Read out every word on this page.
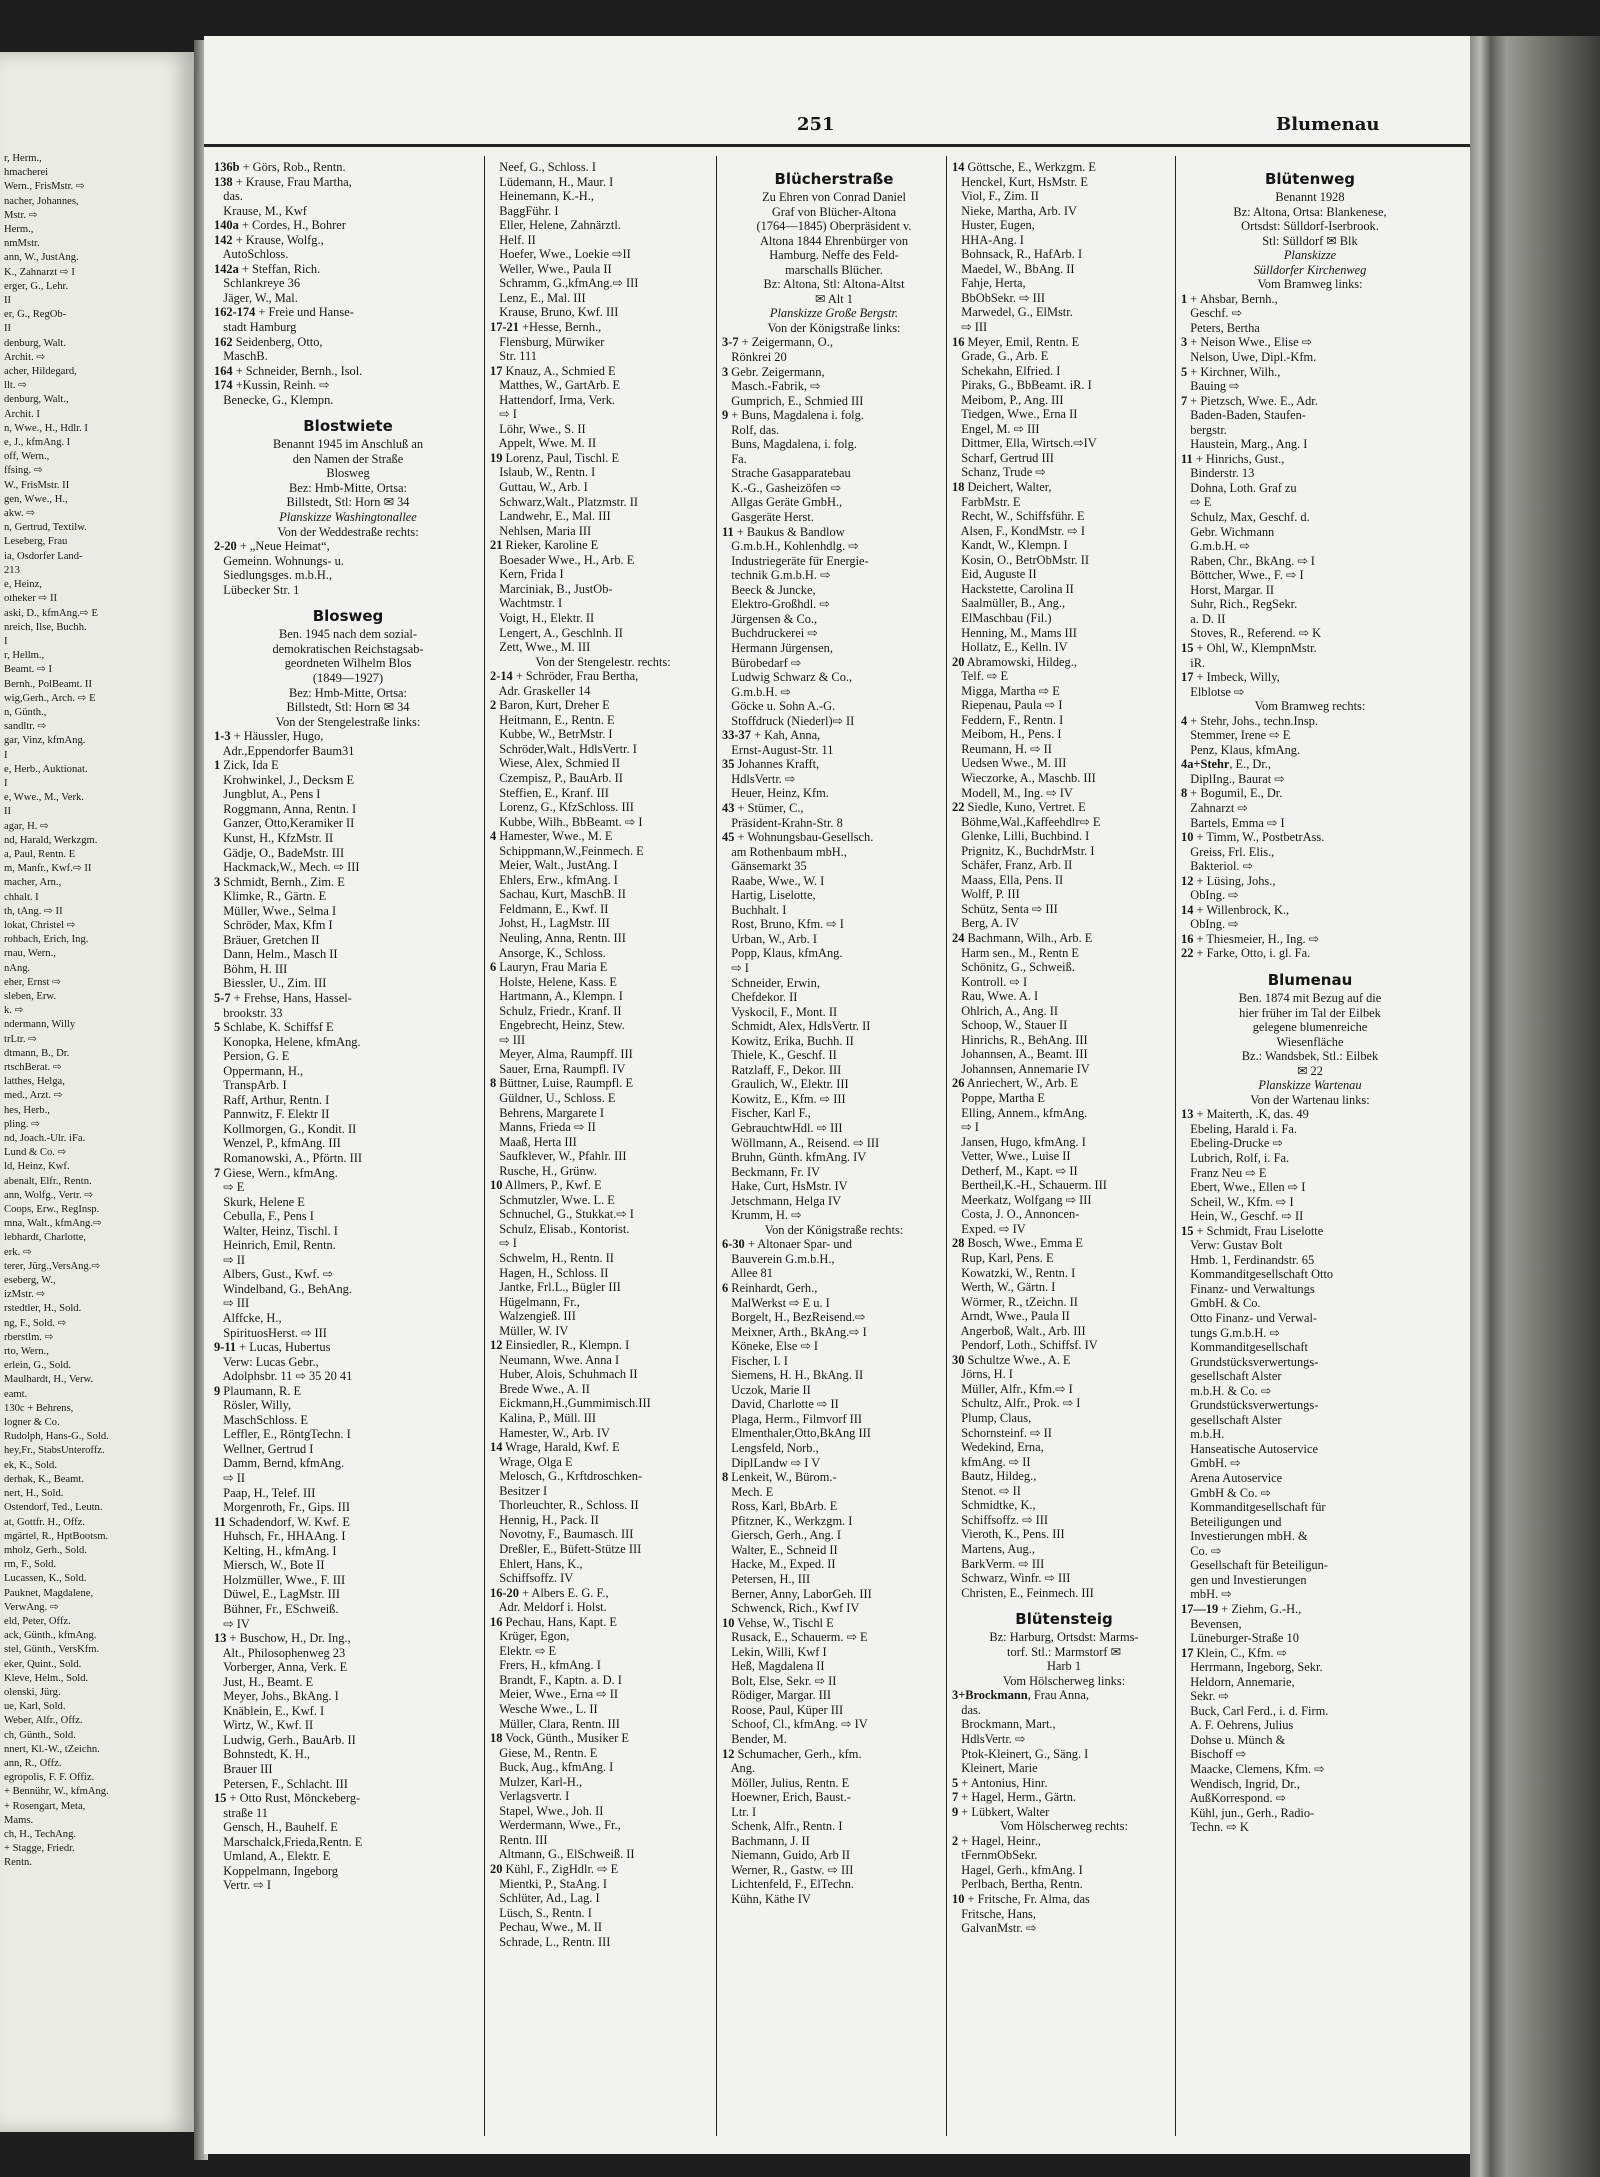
r, Herm.,
hmacherei
Wern., FrisMstr. ⇨
nacher, Johannes,
Mstr. ⇨
Herm.,
nmMstr.
ann, W., JustAng.
K., Zahnarzt ⇨ I
erger, G., Lehr.
II
er, G., RegOb-
II
denburg, Walt.
Archit. ⇨
acher, Hildegard,
llt. ⇨
denburg, Walt.,
Archit. I
n, Wwe., H., Hdlr. I
e, J., kfmAng. I
off, Wern.,
ffsing. ⇨
W., FrisMstr. II
gen, Wwe., H.,
akw. ⇨
n, Gertrud, Textilw.
Leseberg, Frau
ia, Osdorfer Land-
213
e, Heinz,
otheker ⇨ II
aski, D., kfmAng.⇨ E
nreich, Ilse, Buchh.
I
r, Hellm.,
Beamt. ⇨ I
Bernh., PolBeamt. II
wig,Gerh., Arch. ⇨ E
n, Günth.,
sandltr. ⇨
gar, Vinz, kfmAng.
I
e, Herb., Auktionat.
I
e, Wwe., M., Verk.
II
agar, H. ⇨
nd, Harald, Werkzgm.
a, Paul, Rentn. E
m, Manfr., Kwf.⇨ II
macher, Arn.,
chhalt. I
th, tAng. ⇨ II
lokat, Christel ⇨
rohbach, Erich, Ing.
rnau, Wern.,
nAng.
eher, Ernst ⇨
sleben, Erw.
k. ⇨
ndermann, Willy
trLtr. ⇨
dtmann, B., Dr.
rtschBerat. ⇨
latthes, Helga,
med., Arzt. ⇨
hes, Herb.,
pling. ⇨
nd, Joach.-Ulr. iFa.
Lund & Co. ⇨
ld, Heinz, Kwf.
abenalt, Elfr., Rentn.
ann, Wolfg., Vertr. ⇨
Coops, Erw., RegInsp.
mna, Walt., kfmAng.⇨
lebhardt, Charlotte,
erk. ⇨
terer, Jürg.,VersAng.⇨
eseberg, W.,
izMstr. ⇨
rstedtler, H., Sold.
ng, F., Sold. ⇨
rberstlm. ⇨
rto, Wern.,
erlein, G., Sold.
Maulhardt, H., Verw.
eamt.
130c + Behrens,
logner & Co.
Rudolph, Hans-G., Sold.
hey,Fr., StabsUnteroffz.
ek, K., Sold.
derhak, K., Beamt.
nert, H., Sold.
Ostendorf, Ted., Leutn.
at, Gottfr. H., Offz.
mgärtel, R., HptBootsm.
mholz, Gerh., Sold.
rm, F., Sold.
Lucassen, K., Sold.
Pauknet, Magdalene,
VerwAng. ⇨
eld, Peter, Offz.
ack, Günth., kfmAng.
stel, Günth., VersKfm.
eker, Quint., Sold.
Kleve, Helm., Sold.
olenski, Jürg.
ue, Karl, Sold.
Weber, Alfr., Offz.
ch, Günth., Sold.
nnert, Kl.-W., tZeichn.
ann, R., Offz.
egropolis, F. F. Offiz.
+ Bennühr, W., kfmAng.
+ Rosengart, Meta,
Mams.
ch, H., TechAng.
+ Stagge, Friedr.
Rentn.
251	Blumenau
136b + Görs, Rob., Rentn.
138 + Krause, Frau Martha,
das.
Krause, M., Kwf
140a + Cordes, H., Bohrer
142 + Krause, Wolfg.,
AutoSchloss.
142a + Steffan, Rich.
Schlankreye 36
Jäger, W., Mal.
162-174 + Freie und Hanse-
stadt Hamburg
162 Seidenberg, Otto,
MaschB.
164 + Schneider, Bernh., Isol.
174 +Kussin, Reinh. ⇨
Benecke, G., Klempn.
Blostwiete
Benannt 1945 im Anschluß an
den Namen der Straße
Blosweg
Bez: Hmb-Mitte, Ortsa:
Billstedt, Stl: Horn ✉ 34
Planskizze Washingtonallee
Von der Weddestraße rechts:
2-20 + „Neue Heimat“,
Gemeinn. Wohnungs- u.
Siedlungsges. m.b.H.,
Lübecker Str. 1
Blosweg
Ben. 1945 nach dem sozial-
demokratischen Reichstagsab-
geordneten Wilhelm Blos
(1849—1927)
Bez: Hmb-Mitte, Ortsa:
Billstedt, Stl: Horn ✉ 34
Von der Stengelestraße links:
1-3 + Häussler, Hugo,
Adr.,Eppendorfer Baum31
1 Zick, Ida E
Krohwinkel, J., Decksm E
Jungblut, A., Pens I
Roggmann, Anna, Rentn. I
Ganzer, Otto,Keramiker II
Kunst, H., KfzMstr. II
Gädje, O., BadeMstr. III
Hackmack,W., Mech. ⇨ III
3 Schmidt, Bernh., Zim. E
Klimke, R., Gärtn. E
Müller, Wwe., Selma I
Schröder, Max, Kfm I
Bräuer, Gretchen II
Dann, Helm., Masch II
Böhm, H. III
Biessler, U., Zim. III
5-7 + Frehse, Hans, Hassel-
brookstr. 33
5 Schlabe, K. Schiffsf E
Konopka, Helene, kfmAng.
Persion, G. E
Oppermann, H.,
TranspArb. I
Raff, Arthur, Rentn. I
Pannwitz, F. Elektr II
Kollmorgen, G., Kondit. II
Wenzel, P., kfmAng. III
Romanowski, A., Pförtn. III
7 Giese, Wern., kfmAng.
⇨ E
Skurk, Helene E
Cebulla, F., Pens I
Walter, Heinz, Tischl. I
Heinrich, Emil, Rentn.
⇨ II
Albers, Gust., Kwf. ⇨
Windelband, G., BehAng.
⇨ III
Alffcke, H.,
SpirituosHerst. ⇨ III
9-11 + Lucas, Hubertus
Verw: Lucas Gebr.,
Adolphsbr. 11 ⇨ 35 20 41
9 Plaumann, R. E
Rösler, Willy,
MaschSchloss. E
Leffler, E., RöntgTechn. I
Wellner, Gertrud I
Damm, Bernd, kfmAng.
⇨ II
Paap, H., Telef. III
Morgenroth, Fr., Gips. III
11 Schadendorf, W. Kwf. E
Huhsch, Fr., HHAAng. I
Kelting, H., kfmAng. I
Miersch, W., Bote II
Holzmüller, Wwe., F. III
Düwel, E., LagMstr. III
Bühner, Fr., ESchweiß.
⇨ IV
13 + Buschow, H., Dr. Ing.,
Alt., Philosophenweg 23
Vorberger, Anna, Verk. E
Just, H., Beamt. E
Meyer, Johs., BkAng. I
Knäblein, E., Kwf. I
Wirtz, W., Kwf. II
Ludwig, Gerh., BauArb. II
Bohnstedt, K. H.,
Brauer III
Petersen, F., Schlacht. III
15 + Otto Rust, Mönckeberg-
straße 11
Gensch, H., Bauhelf. E
Marschalck,Frieda,Rentn. E
Umland, A., Elektr. E
Koppelmann, Ingeborg
Vertr. ⇨ I
Neef, G., Schloss. I
Lüdemann, H., Maur. I
Heinemann, K.-H.,
BaggFühr. I
Eller, Helene, Zahnärztl.
Helf. II
Hoefer, Wwe., Loekie ⇨II
Weller, Wwe., Paula II
Schramm, G.,kfmAng.⇨ III
Lenz, E., Mal. III
Krause, Bruno, Kwf. III
17-21 +Hesse, Bernh.,
Flensburg, Mürwiker
Str. 111
17 Knauz, A., Schmied E
Matthes, W., GartArb. E
Hattendorf, Irma, Verk.
⇨ I
Löhr, Wwe., S. II
Appelt, Wwe. M. II
19 Lorenz, Paul, Tischl. E
Islaub, W., Rentn. I
Guttau, W., Arb. I
Schwarz,Walt., Platzmstr. II
Landwehr, E., Mal. III
Nehlsen, Maria III
21 Rieker, Karoline E
Boesader Wwe., H., Arb. E
Kern, Frida I
Marciniak, B., JustOb-
Wachtmstr. I
Voigt, H., Elektr. II
Lengert, A., Geschlnh. II
Zett, Wwe., M. III
Von der Stengelestr. rechts:
2-14 + Schröder, Frau Bertha,
Adr. Graskeller 14
2 Baron, Kurt, Dreher E
Heitmann, E., Rentn. E
Kubbe, W., BetrMstr. I
Schröder,Walt., HdlsVertr. I
Wiese, Alex, Schmied II
Czempisz, P., BauArb. II
Steffien, E., Kranf. III
Lorenz, G., KfzSchloss. III
Kubbe, Wilh., BbBeamt. ⇨ I
4 Hamester, Wwe., M. E
Schippmann,W.,Feinmech. E
Meier, Walt., JustAng. I
Ehlers, Erw., kfmAng. I
Sachau, Kurt, MaschB. II
Feldmann, E., Kwf. II
Johst, H., LagMstr. III
Neuling, Anna, Rentn. III
Ansorge, K., Schloss.
6 Lauryn, Frau Maria E
Holste, Helene, Kass. E
Hartmann, A., Klempn. I
Schulz, Friedr., Kranf. II
Engebrecht, Heinz, Stew.
⇨ III
Meyer, Alma, Raumpff. III
Sauer, Erna, Raumpfl. IV
8 Büttner, Luise, Raumpfl. E
Güldner, U., Schloss. E
Behrens, Margarete I
Manns, Frieda ⇨ II
Maaß, Herta III
Saufklever, W., Pfahlr. III
Rusche, H., Grünw.
10 Allmers, P., Kwf. E
Schmutzler, Wwe. L. E
Schnuchel, G., Stukkat.⇨ I
Schulz, Elisab., Kontorist.
⇨ I
Schwelm, H., Rentn. II
Hagen, H., Schloss. II
Jantke, Frl.L., Bügler III
Hügelmann, Fr.,
Walzengieß. III
Müller, W. IV
12 Einsiedler, R., Klempn. I
Neumann, Wwe. Anna I
Huber, Alois, Schuhmach II
Brede Wwe., A. II
Eickmann,H.,Gummimisch.III
Kalina, P., Müll. III
Hamester, W., Arb. IV
14 Wrage, Harald, Kwf. E
Wrage, Olga E
Melosch, G., Krftdroschken-
Besitzer I
Thorleuchter, R., Schloss. II
Hennig, H., Pack. II
Novotny, F., Baumasch. III
Dreßler, E., Büfett-Stütze III
Ehlert, Hans, K.,
Schiffsoffz. IV
16-20 + Albers E. G. F.,
Adr. Meldorf i. Holst.
16 Pechau, Hans, Kapt. E
Krüger, Egon,
Elektr. ⇨ E
Frers, H., kfmAng. I
Brandt, F., Kaptn. a. D. I
Meier, Wwe., Erna ⇨ II
Wesche Wwe., L. II
Müller, Clara, Rentn. III
18 Vock, Günth., Musiker E
Giese, M., Rentn. E
Buck, Aug., kfmAng. I
Mulzer, Karl-H.,
Verlagsvertr. I
Stapel, Wwe., Joh. II
Werdermann, Wwe., Fr.,
Rentn. III
Altmann, G., ElSchweiß. II
20 Kühl, F., ZigHdlr. ⇨ E
Mientki, P., StaAng. I
Schlüter, Ad., Lag. I
Lüsch, S., Rentn. I
Pechau, Wwe., M. II
Schrade, L., Rentn. III
Blücherstraße
Zu Ehren von Conrad Daniel
Graf von Blücher-Altona
(1764—1845) Oberpräsident v.
Altona 1844 Ehrenbürger von
Hamburg. Neffe des Feld-
marschalls Blücher.
Bz: Altona, Stl: Altona-Altst
✉ Alt 1
Planskizze Große Bergstr.
Von der Königstraße links:
3-7 + Zeigermann, O.,
Rönkrei 20
3 Gebr. Zeigermann,
Masch.-Fabrik, ⇨
Gumprich, E., Schmied III
9 + Buns, Magdalena i. folg.
Rolf, das.
Buns, Magdalena, i. folg.
Fa.
Strache Gasapparatebau
K.-G., Gasheizöfen ⇨
Allgas Geräte GmbH.,
Gasgeräte Herst.
11 + Baukus & Bandlow
G.m.b.H., Kohlenhdlg. ⇨
Industriegeräte für Energie-
technik G.m.b.H. ⇨
Beeck & Juncke,
Elektro-Großhdl. ⇨
Jürgensen & Co.,
Buchdruckerei ⇨
Hermann Jürgensen,
Bürobedarf ⇨
Ludwig Schwarz & Co.,
G.m.b.H. ⇨
Göcke u. Sohn A.-G.
Stoffdruck (Niederl)⇨ II
33-37 + Kah, Anna,
Ernst-August-Str. 11
35 Johannes Krafft,
HdlsVertr. ⇨
Heuer, Heinz, Kfm.
43 + Stümer, C.,
Präsident-Krahn-Str. 8
45 + Wohnungsbau-Gesellsch.
am Rothenbaum mbH.,
Gänsemarkt 35
Raabe, Wwe., W. I
Hartig, Liselotte,
Buchhalt. I
Rost, Bruno, Kfm. ⇨ I
Urban, W., Arb. I
Popp, Klaus, kfmAng.
⇨ I
Schneider, Erwin,
Chefdekor. II
Vyskocil, F., Mont. II
Schmidt, Alex, HdlsVertr. II
Kowitz, Erika, Buchh. II
Thiele, K., Geschf. II
Ratzlaff, F., Dekor. III
Graulich, W., Elektr. III
Kowitz, E., Kfm. ⇨ III
Fischer, Karl F.,
GebrauchtwHdl. ⇨ III
Wöllmann, A., Reisend. ⇨ III
Bruhn, Günth. kfmAng. IV
Beckmann, Fr. IV
Hake, Curt, HsMstr. IV
Jetschmann, Helga IV
Krumm, H. ⇨
Von der Königstraße rechts:
6-30 + Altonaer Spar- und
Bauverein G.m.b.H.,
Allee 81
6 Reinhardt, Gerh.,
MalWerkst ⇨ E u. I
Borgelt, H., BezReisend.⇨
Meixner, Arth., BkAng.⇨ I
Köneke, Else ⇨ I
Fischer, I. I
Siemens, H. H., BkAng. II
Uczok, Marie II
David, Charlotte ⇨ II
Plaga, Herm., Filmvorf III
Elmenthaler,Otto,BkAng III
Lengsfeld, Norb.,
DiplLandw ⇨ I V
8 Lenkeit, W., Bürom.-
Mech. E
Ross, Karl, BbArb. E
Pfitzner, K., Werkzgm. I
Giersch, Gerh., Ang. I
Walter, E., Schneid II
Hacke, M., Exped. II
Petersen, H., III
Berner, Anny, LaborGeh. III
Schwenck, Rich., Kwf IV
10 Vehse, W., Tischl E
Rusack, E., Schauerm. ⇨ E
Lekin, Willi, Kwf I
Heß, Magdalena II
Bolt, Else, Sekr. ⇨ II
Rödiger, Margar. III
Roose, Paul, Küper III
Schoof, Cl., kfmAng. ⇨ IV
Bender, M.
12 Schumacher, Gerh., kfm.
Ang.
Möller, Julius, Rentn. E
Hoewner, Erich, Baust.-
Ltr. I
Schenk, Alfr., Rentn. I
Bachmann, J. II
Niemann, Guido, Arb II
Werner, R., Gastw. ⇨ III
Lichtenfeld, F., ElTechn.
Kühn, Käthe IV
14 Göttsche, E., Werkzgm. E
Henckel, Kurt, HsMstr. E
Viol, F., Zim. II
Nieke, Martha, Arb. IV
Huster, Eugen,
HHA-Ang. I
Bohnsack, R., HafArb. I
Maedel, W., BbAng. II
Fahje, Herta,
BbObSekr. ⇨ III
Marwedel, G., ElMstr.
⇨ III
16 Meyer, Emil, Rentn. E
Grade, G., Arb. E
Schekahn, Elfried. I
Piraks, G., BbBeamt. iR. I
Meibom, P., Ang. III
Tiedgen, Wwe., Erna II
Engel, M. ⇨ III
Dittmer, Ella, Wirtsch.⇨IV
Scharf, Gertrud III
Schanz, Trude ⇨
18 Deichert, Walter,
FarbMstr. E
Recht, W., Schiffsführ. E
Alsen, F., KondMstr. ⇨ I
Kandt, W., Klempn. I
Kosin, O., BetrObMstr. II
Eid, Auguste II
Hackstette, Carolina II
Saalmüller, B., Ang.,
ElMaschbau (Fil.)
Henning, M., Mams III
Hollatz, E., Kelln. IV
20 Abramowski, Hildeg.,
Telf. ⇨ E
Migga, Martha ⇨ E
Riepenau, Paula ⇨ I
Feddern, F., Rentn. I
Meibom, H., Pens. I
Reumann, H. ⇨ II
Uedsen Wwe., M. III
Wieczorke, A., Maschb. III
Modell, M., Ing. ⇨ IV
22 Siedle, Kuno, Vertret. E
Böhme,Wal.,Kaffeehdlr⇨ E
Glenke, Lilli, Buchbind. I
Prignitz, K., BuchdrMstr. I
Schäfer, Franz, Arb. II
Maass, Ella, Pens. II
Wolff, P. III
Schütz, Senta ⇨ III
Berg, A. IV
24 Bachmann, Wilh., Arb. E
Harm sen., M., Rentn E
Schönitz, G., Schweiß.
Kontroll. ⇨ I
Rau, Wwe. A. I
Ohlrich, A., Ang. II
Schoop, W., Stauer II
Hinrichs, R., BehAng. III
Johannsen, A., Beamt. III
Johannsen, Annemarie IV
26 Anriechert, W., Arb. E
Poppe, Martha E
Elling, Annem., kfmAng.
⇨ I
Jansen, Hugo, kfmAng. I
Vetter, Wwe., Luise II
Detherf, M., Kapt. ⇨ II
Bertheil,K.-H., Schauerm. III
Meerkatz, Wolfgang ⇨ III
Costa, J. O., Annoncen-
Exped. ⇨ IV
28 Bosch, Wwe., Emma E
Rup, Karl, Pens. E
Kowatzki, W., Rentn. I
Werth, W., Gärtn. I
Wörmer, R., tZeichn. II
Arndt, Wwe., Paula II
Angerboß, Walt., Arb. III
Pendorf, Loth., Schiffsf. IV
30 Schultze Wwe., A. E
Jörns, H. I
Müller, Alfr., Kfm.⇨ I
Schultz, Alfr., Prok. ⇨ I
Plump, Claus,
Schornsteinf. ⇨ II
Wedekind, Erna,
kfmAng. ⇨ II
Bautz, Hildeg.,
Stenot. ⇨ II
Schmidtke, K.,
Schiffsoffz. ⇨ III
Vieroth, K., Pens. III
Martens, Aug.,
BarkVerm. ⇨ III
Schwarz, Winfr. ⇨ III
Christen, E., Feinmech. III
Blütensteig
Bz: Harburg, Ortsdst: Marms-
torf. Stl.: Marmstorf ✉
Harb 1
Vom Hölscherweg links:
3+Brockmann, Frau Anna,
das.
Brockmann, Mart.,
HdlsVertr. ⇨
Ptok-Kleinert, G., Säng. I
Kleinert, Marie
5 + Antonius, Hinr.
7 + Hagel, Herm., Gärtn.
9 + Lübkert, Walter
Vom Hölscherweg rechts:
2 + Hagel, Heinr.,
tFernmObSekr.
Hagel, Gerh., kfmAng. I
Perlbach, Bertha, Rentn.
10 + Fritsche, Fr. Alma, das
Fritsche, Hans,
GalvanMstr. ⇨
Blütenweg
Benannt 1928
Bz: Altona, Ortsa: Blankenese,
Ortsdst: Sülldorf-Iserbrook.
Stl: Sülldorf ✉ Blk
Planskizze
Sülldorfer Kirchenweg
Vom Bramweg links:
1 + Ahsbar, Bernh.,
Geschf. ⇨
Peters, Bertha
3 + Neison Wwe., Elise ⇨
Nelson, Uwe, Dipl.-Kfm.
5 + Kirchner, Wilh.,
Bauing ⇨
7 + Pietzsch, Wwe. E., Adr.
Baden-Baden, Staufen-
bergstr.
Haustein, Marg., Ang. I
11 + Hinrichs, Gust.,
Binderstr. 13
Dohna, Loth. Graf zu
⇨ E
Schulz, Max, Geschf. d.
Gebr. Wichmann
G.m.b.H. ⇨
Raben, Chr., BkAng. ⇨ I
Böttcher, Wwe., F. ⇨ I
Horst, Margar. II
Suhr, Rich., RegSekr.
a. D. II
Stoves, R., Referend. ⇨ K
15 + Ohl, W., KlempnMstr.
iR.
17 + Imbeck, Willy,
Elblotse ⇨
Vom Bramweg rechts:
4 + Stehr, Johs., techn.Insp.
Stemmer, Irene ⇨ E
Penz, Klaus, kfmAng.
4a+Stehr, E., Dr.,
DiplIng., Baurat ⇨
8 + Bogumil, E., Dr.
Zahnarzt ⇨
Bartels, Emma ⇨ I
10 + Timm, W., PostbetrAss.
Greiss, Frl. Elis.,
Bakteriol. ⇨
12 + Lüsing, Johs.,
ObIng. ⇨
14 + Willenbrock, K.,
ObIng. ⇨
16 + Thiesmeier, H., Ing. ⇨
22 + Farke, Otto, i. gl. Fa.
Blumenau
Ben. 1874 mit Bezug auf die
hier früher im Tal der Eilbek
gelegene blumenreiche
Wiesenfläche
Bz.: Wandsbek, Stl.: Eilbek
✉ 22
Planskizze Wartenau
Von der Wartenau links:
13 + Maiterth, .K, das. 49
Ebeling, Harald i. Fa.
Ebeling-Drucke ⇨
Lubrich, Rolf, i. Fa.
Franz Neu ⇨ E
Ebert, Wwe., Ellen ⇨ I
Scheil, W., Kfm. ⇨ I
Hein, W., Geschf. ⇨ II
15 + Schmidt, Frau Liselotte
Verw: Gustav Bolt
Hmb. 1, Ferdinandstr. 65
Kommanditgesellschaft Otto
Finanz- und Verwaltungs
GmbH. & Co.
Otto Finanz- und Verwal-
tungs G.m.b.H. ⇨
Kommanditgesellschaft
Grundstücksverwertungs-
gesellschaft Alster
m.b.H. & Co. ⇨
Grundstücksverwertungs-
gesellschaft Alster
m.b.H.
Hanseatische Autoservice
GmbH. ⇨
Arena Autoservice
GmbH & Co. ⇨
Kommanditgesellschaft für
Beteiligungen und
Investierungen mbH. &
Co. ⇨
Gesellschaft für Beteiligun-
gen und Investierungen
mbH. ⇨
17—19 + Ziehm, G.-H.,
Bevensen,
Lüneburger-Straße 10
17 Klein, C., Kfm. ⇨
Herrmann, Ingeborg, Sekr.
Heldorn, Annemarie,
Sekr. ⇨
Buck, Carl Ferd., i. d. Firm.
A. F. Oehrens, Julius
Dohse u. Münch &
Bischoff ⇨
Maacke, Clemens, Kfm. ⇨
Wendisch, Ingrid, Dr.,
AußKorrespond. ⇨
Kühl, jun., Gerh., Radio-
Techn. ⇨ K
